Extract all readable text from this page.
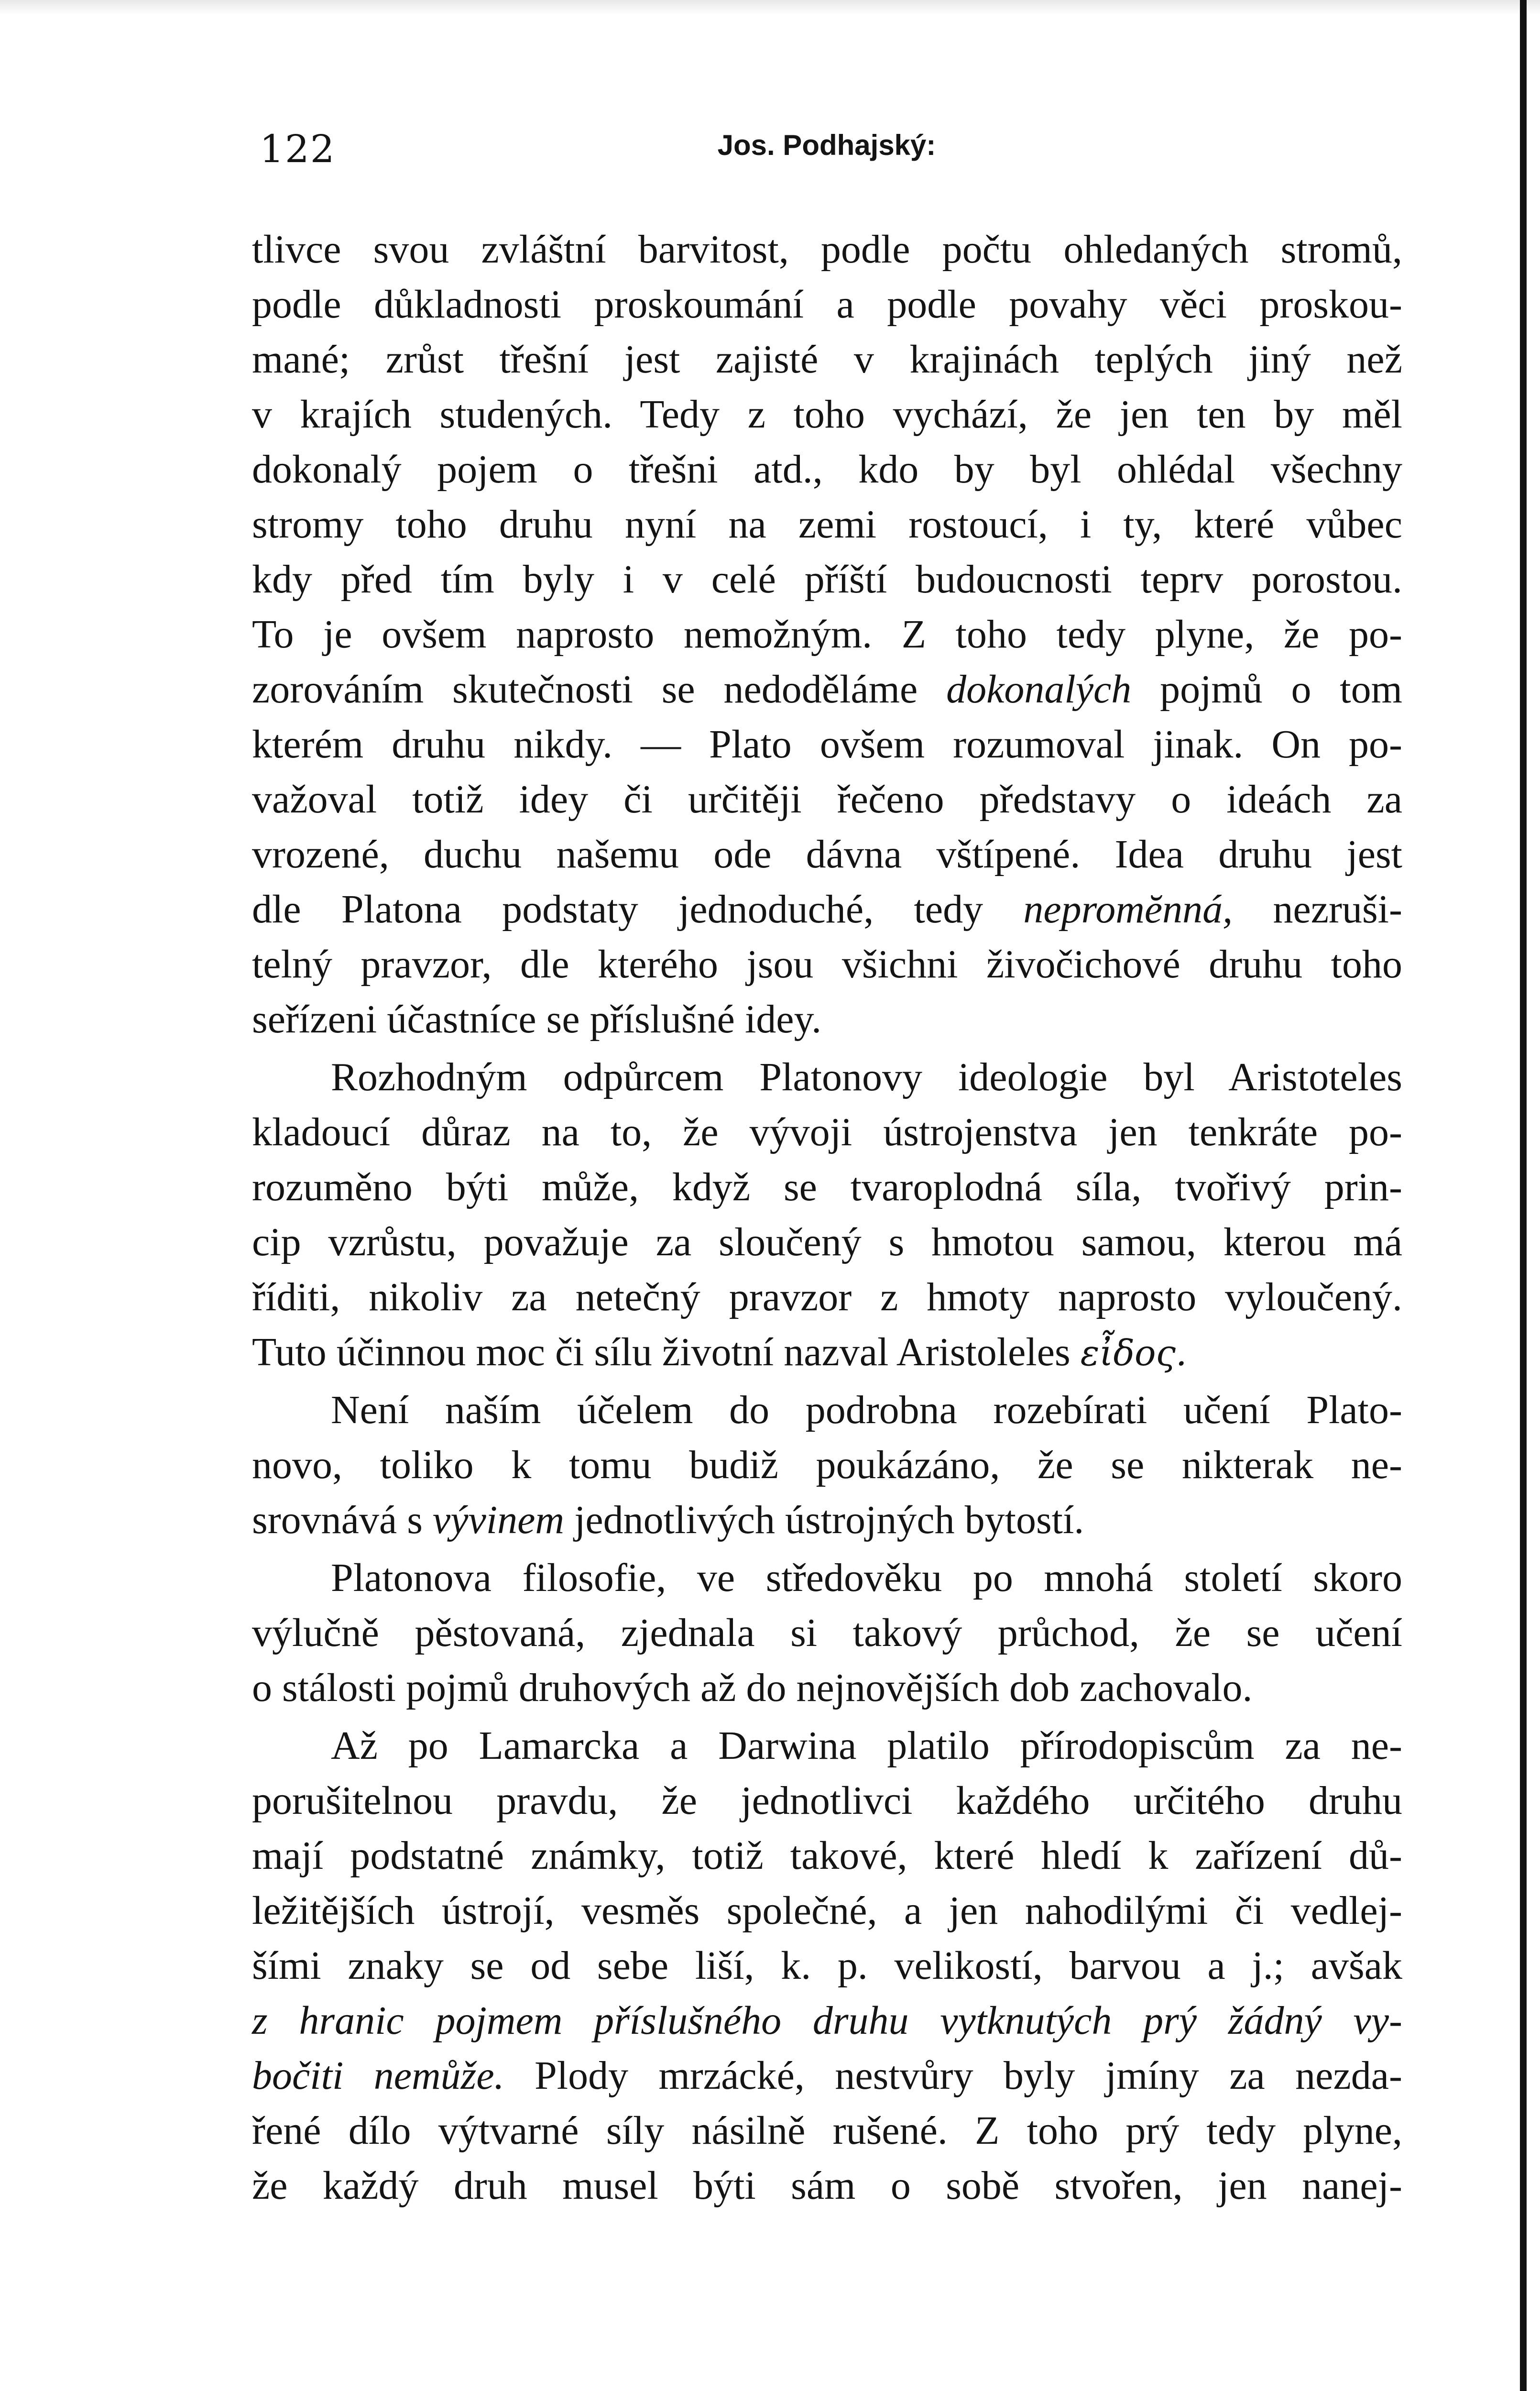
122	Jos. Podhajský:
tlivce svou zvláštní barvitost, podle počtu ohledaných stromů,
podle důkladnosti proskoumání a podle povahy věci proskou-
mané; zrůst třešní jest zajisté v krajinách teplých jiný než
v krajích studených. Tedy z toho vychází, že jen ten by měl
dokonalý pojem o třešni atd., kdo by byl ohlédal všechny
stromy toho druhu nyní na zemi rostoucí, i ty, které vůbec
kdy před tím byly i v celé příští budoucnosti teprv porostou.
To je ovšem naprosto nemožným. Z toho tedy plyne, že po-
zorováním skutečnosti se nedoděláme dokonalých pojmů o tom
kterém druhu nikdy. — Plato ovšem rozumoval jinak. On po-
važoval totiž idey či určitěji řečeno představy o ideách za
vrozené, duchu našemu ode dávna vštípené. Idea druhu jest
dle Platona podstaty jednoduché, tedy nepromĕnná, nezruši-
telný pravzor, dle kterého jsou všichni živočichové druhu toho
seřízeni účastníce se příslušné idey.
Rozhodným odpůrcem Platonovy ideologie byl Aristoteles
kladoucí důraz na to, že vývoji ústrojenstva jen tenkráte po-
rozuměno býti může, když se tvaroplodná síla, tvořivý prin-
cip vzrůstu, považuje za sloučený s hmotou samou, kterou má
říditi, nikoliv za netečný pravzor z hmoty naprosto vyloučený.
Tuto účinnou moc či sílu životní nazval Aristoleles εἶδος.
Není naším účelem do podrobna rozebírati učení Plato-
novo, toliko k tomu budiž poukázáno, že se nikterak ne-
srovnává s vývinem jednotlivých ústrojných bytostí.
Platonova filosofie, ve středověku po mnohá století skoro
výlučně pěstovaná, zjednala si takový průchod, že se učení
o stálosti pojmů druhových až do nejnovějších dob zachovalo.
Až po Lamarcka a Darwina platilo přírodopiscům za ne-
porušitelnou pravdu, že jednotlivci každého určitého druhu
mají podstatné známky, totiž takové, které hledí k zařízení dů-
ležitějších ústrojí, vesměs společné, a jen nahodilými či vedlej-
šími znaky se od sebe liší, k. p. velikostí, barvou a j.; avšak
z hranic pojmem příslušného druhu vytknutých prý žádný vy-
bočiti nemůže. Plody mrzácké, nestvůry byly jmíny za nezda-
řené dílo výtvarné síly násilně rušené. Z toho prý tedy plyne,
že každý druh musel býti sám o sobě stvořen, jen nanej-
